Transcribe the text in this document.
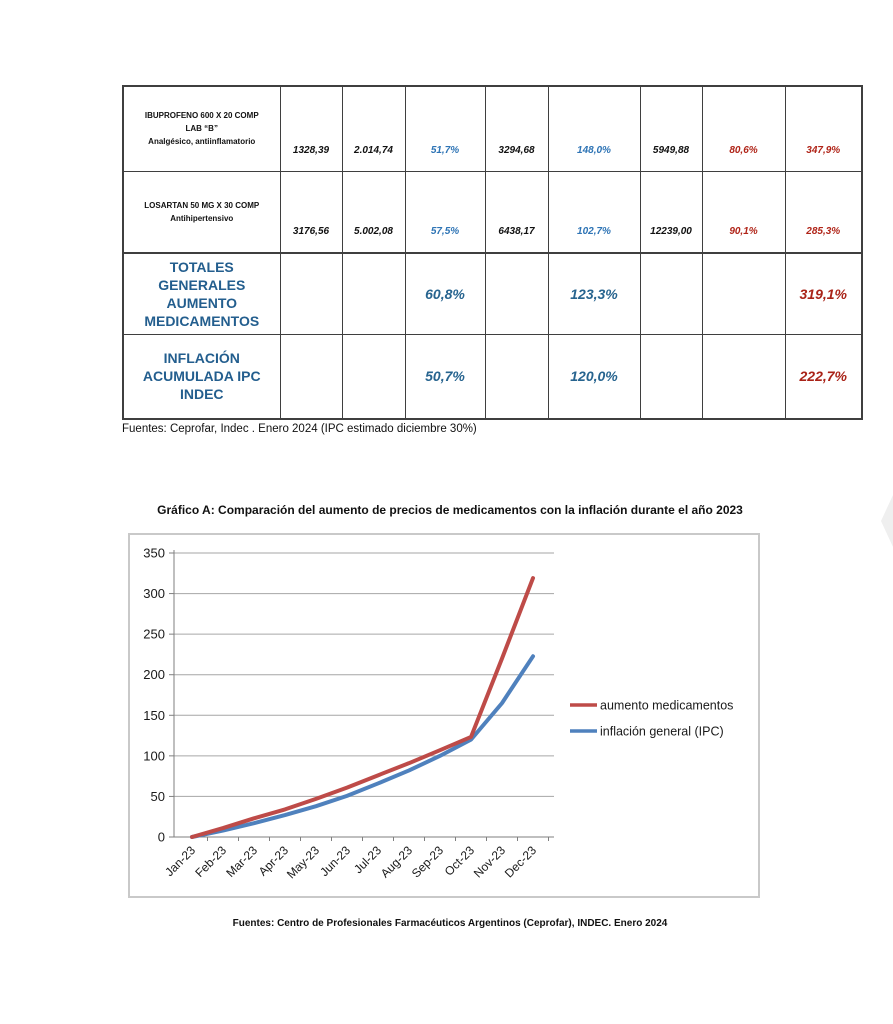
IBUPROFENO 600 X 20 COMP
LAB “B”
Analgésico, antiinflamatorio	1328,39	2.014,74	51,7%	3294,68	148,0%	5949,88	80,6%	347,9%

LOSARTAN 50 MG X 30 COMP
Antihipertensivo	3176,56	5.002,08	57,5%	6438,17	102,7%	12239,00	90,1%	285,3%

TOTALES GENERALES
AUMENTO
MEDICAMENTOS			60,8%		123,3%			319,1%

INFLACIÓN
ACUMULADA IPC
INDEC			50,7%		120,0%			222,7%
Fuentes: Ceprofar, Indec . Enero 2024 (IPC estimado diciembre 30%)
Gráfico A: Comparación del aumento de precios de medicamentos con la inflación durante el año 2023
0
50
100
150
200
250
300
350
Jan-23
Feb-23
Mar-23
Apr-23
May-23
Jun-23
Jul-23
Aug-23
Sep-23
Oct-23
Nov-23
Dec-23
aumento medicamentos
inflación general (IPC)
Fuentes: Centro de Profesionales Farmacéuticos Argentinos (Ceprofar), INDEC. Enero 2024
